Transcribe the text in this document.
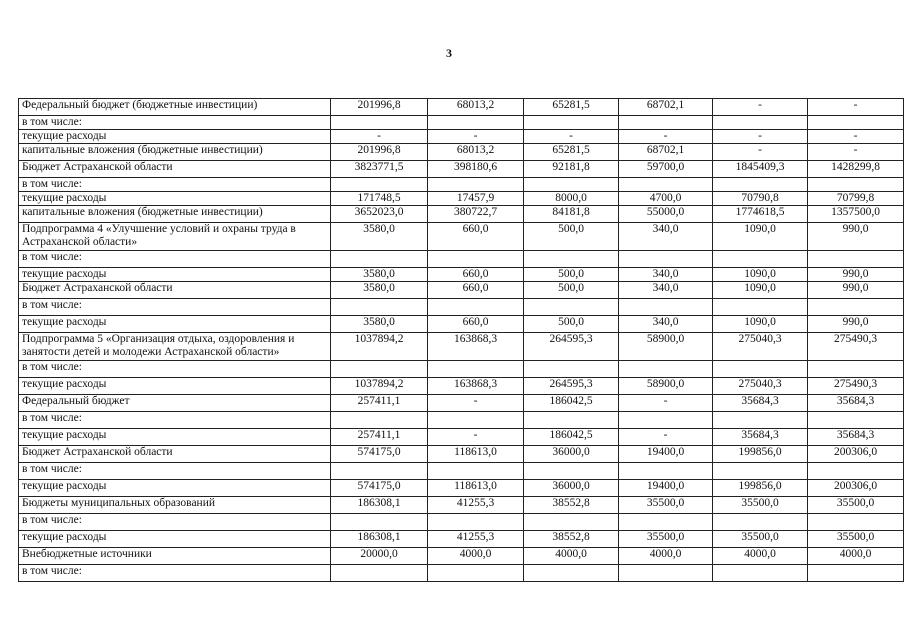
3
Федеральный бюджет (бюджетные инвестиции)	201996,8	68013,2	65281,5	68702,1	-	-
в том числе:						
текущие расходы	-	-	-	-	-	-
капитальные вложения (бюджетные инвестиции)	201996,8	68013,2	65281,5	68702,1	-	-
Бюджет Астраханской области	3823771,5	398180,6	92181,8	59700,0	1845409,3	1428299,8
в том числе:						
текущие расходы	171748,5	17457,9	8000,0	4700,0	70790,8	70799,8
капитальные вложения (бюджетные инвестиции)	3652023,0	380722,7	84181,8	55000,0	1774618,5	1357500,0
Подпрограмма 4 «Улучшение условий и охраны труда в Астраханской области»	3580,0	660,0	500,0	340,0	1090,0	990,0
в том числе:						
текущие расходы	3580,0	660,0	500,0	340,0	1090,0	990,0
Бюджет Астраханской области	3580,0	660,0	500,0	340,0	1090,0	990,0
в том числе:						
текущие расходы	3580,0	660,0	500,0	340,0	1090,0	990,0
Подпрограмма 5 «Организация отдыха, оздоровления и занятости детей и молодежи Астраханской области»	1037894,2	163868,3	264595,3	58900,0	275040,3	275490,3
в том числе:						
текущие расходы	1037894,2	163868,3	264595,3	58900,0	275040,3	275490,3
Федеральный бюджет	257411,1	-	186042,5	-	35684,3	35684,3
в том числе:						
текущие расходы	257411,1	-	186042,5	-	35684,3	35684,3
Бюджет Астраханской области	574175,0	118613,0	36000,0	19400,0	199856,0	200306,0
в том числе:						
текущие расходы	574175,0	118613,0	36000,0	19400,0	199856,0	200306,0
Бюджеты муниципальных образований	186308,1	41255,3	38552,8	35500,0	35500,0	35500,0
в том числе:						
текущие расходы	186308,1	41255,3	38552,8	35500,0	35500,0	35500,0
Внебюджетные источники	20000,0	4000,0	4000,0	4000,0	4000,0	4000,0
в том числе:						
